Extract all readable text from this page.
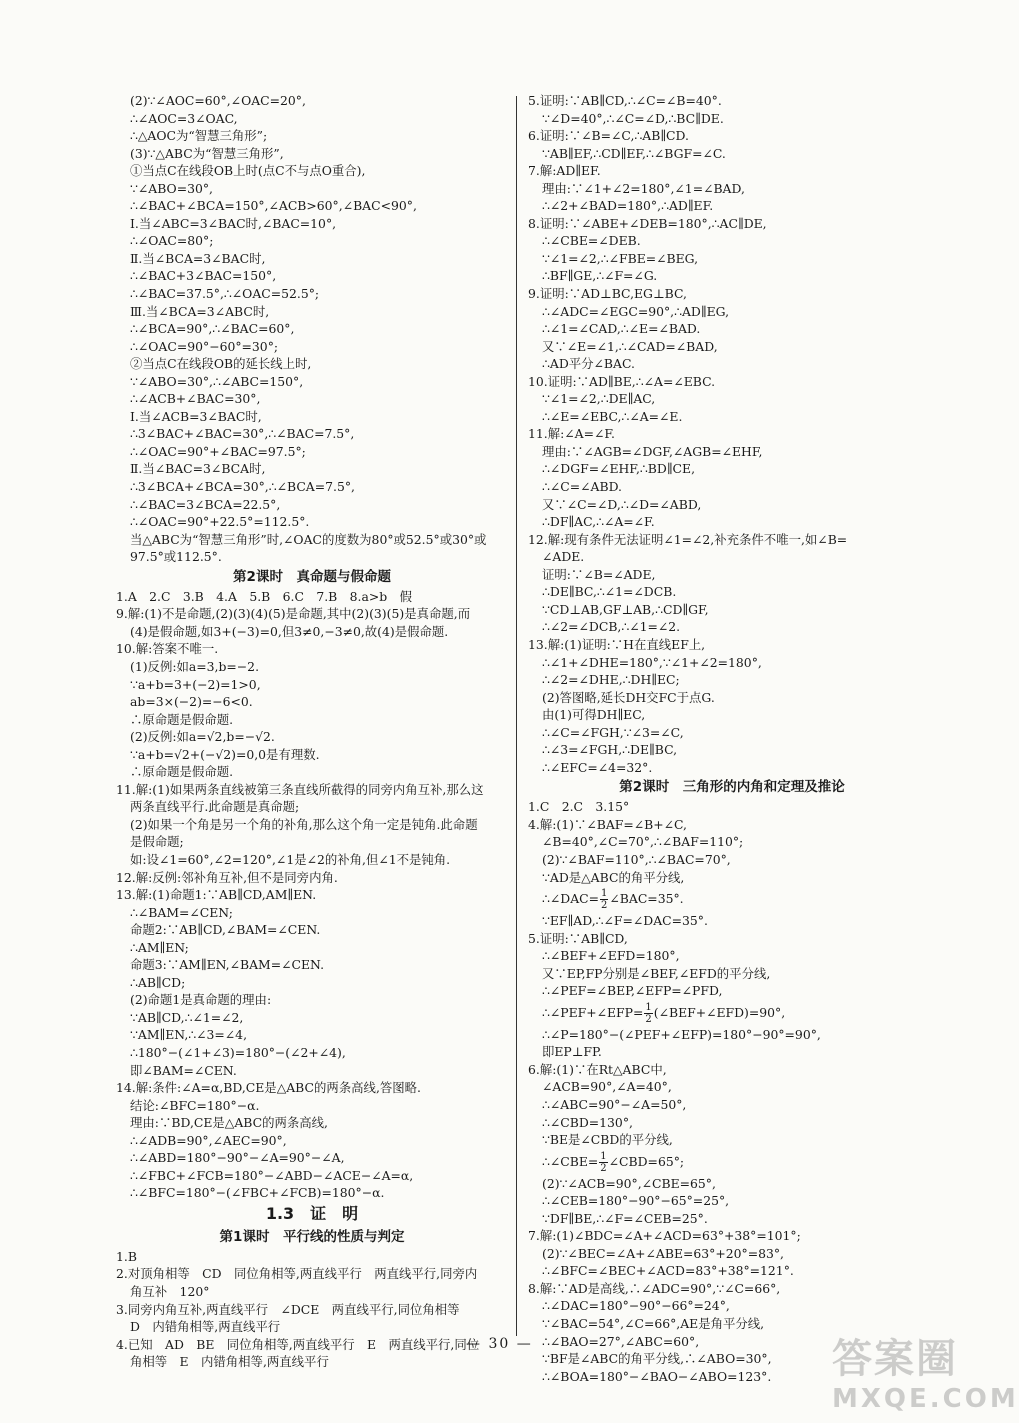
(2)∵∠AOC=60°,∠OAC=20°,
∴∠AOC=3∠OAC,
∴△AOC为“智慧三角形”;
(3)∵△ABC为“智慧三角形”,
①当点C在线段OB上时(点C不与点O重合),
∵∠ABO=30°,
∴∠BAC+∠BCA=150°,∠ACB>60°,∠BAC<90°,
Ⅰ.当∠ABC=3∠BAC时,∠BAC=10°,
∴∠OAC=80°;
Ⅱ.当∠BCA=3∠BAC时,
∴∠BAC+3∠BAC=150°,
∴∠BAC=37.5°,∴∠OAC=52.5°;
Ⅲ.当∠BCA=3∠ABC时,
∴∠BCA=90°,∴∠BAC=60°,
∴∠OAC=90°−60°=30°;
②当点C在线段OB的延长线上时,
∵∠ABO=30°,∴∠ABC=150°,
∴∠ACB+∠BAC=30°,
Ⅰ.当∠ACB=3∠BAC时,
∴3∠BAC+∠BAC=30°,∴∠BAC=7.5°,
∴∠OAC=90°+∠BAC=97.5°;
Ⅱ.当∠BAC=3∠BCA时,
∴3∠BCA+∠BCA=30°,∴∠BCA=7.5°,
∴∠BAC=3∠BCA=22.5°,
∴∠OAC=90°+22.5°=112.5°.
当△ABC为“智慧三角形”时,∠OAC的度数为80°或52.5°或30°或
97.5°或112.5°.
第2课时　真命题与假命题
1.A　2.C　3.B　4.A　5.B　6.C　7.B　8.a>b　假
9.解:(1)不是命题,(2)(3)(4)(5)是命题,其中(2)(3)(5)是真命题,而
(4)是假命题,如3+(−3)=0,但3≠0,−3≠0,故(4)是假命题.
10.解:答案不唯一.
(1)反例:如a=3,b=−2.
∵a+b=3+(−2)=1>0,
ab=3×(−2)=−6<0.
∴原命题是假命题.
(2)反例:如a=√2,b=−√2.
∵a+b=√2+(−√2)=0,0是有理数.
∴原命题是假命题.
11.解:(1)如果两条直线被第三条直线所截得的同旁内角互补,那么这
两条直线平行.此命题是真命题;
(2)如果一个角是另一个角的补角,那么这个角一定是钝角.此命题
是假命题;
如:设∠1=60°,∠2=120°,∠1是∠2的补角,但∠1不是钝角.
12.解:反例:邻补角互补,但不是同旁内角.
13.解:(1)命题1:∵AB∥CD,AM∥EN.
∴∠BAM=∠CEN;
命题2:∵AB∥CD,∠BAM=∠CEN.
∴AM∥EN;
命题3:∵AM∥EN,∠BAM=∠CEN.
∴AB∥CD;
(2)命题1是真命题的理由:
∵AB∥CD,∴∠1=∠2,
∵AM∥EN,∴∠3=∠4,
∴180°−(∠1+∠3)=180°−(∠2+∠4),
即∠BAM=∠CEN.
14.解:条件:∠A=α,BD,CE是△ABC的两条高线,答图略.
结论:∠BFC=180°−α.
理由:∵BD,CE是△ABC的两条高线,
∴∠ADB=90°,∠AEC=90°,
∴∠ABD=180°−90°−∠A=90°−∠A,
∴∠FBC+∠FCB=180°−∠ABD−∠ACE−∠A=α,
∴∠BFC=180°−(∠FBC+∠FCB)=180°−α.
1.3　证　明
第1课时　平行线的性质与判定
1.B
2.对顶角相等　CD　同位角相等,两直线平行　两直线平行,同旁内
角互补　120°
3.同旁内角互补,两直线平行　∠DCE　两直线平行,同位角相等
D　内错角相等,两直线平行
4.已知　AD　BE　同位角相等,两直线平行　E　两直线平行,同位
角相等　E　内错角相等,两直线平行
5.证明:∵AB∥CD,∴∠C=∠B=40°.
∵∠D=40°,∴∠C=∠D,∴BC∥DE.
6.证明:∵∠B=∠C,∴AB∥CD.
∵AB∥EF,∴CD∥EF,∴∠BGF=∠C.
7.解:AD∥EF.
理由:∵∠1+∠2=180°,∠1=∠BAD,
∴∠2+∠BAD=180°,∴AD∥EF.
8.证明:∵∠ABE+∠DEB=180°,∴AC∥DE,
∴∠CBE=∠DEB.
∵∠1=∠2,∴∠FBE=∠BEG,
∴BF∥GE,∴∠F=∠G.
9.证明:∵AD⊥BC,EG⊥BC,
∴∠ADC=∠EGC=90°,∴AD∥EG,
∴∠1=∠CAD,∴∠E=∠BAD.
又∵∠E=∠1,∴∠CAD=∠BAD,
∴AD平分∠BAC.
10.证明:∵AD∥BE,∴∠A=∠EBC.
∵∠1=∠2,∴DE∥AC,
∴∠E=∠EBC,∴∠A=∠E.
11.解:∠A=∠F.
理由:∵∠AGB=∠DGF,∠AGB=∠EHF,
∴∠DGF=∠EHF,∴BD∥CE,
∴∠C=∠ABD.
又∵∠C=∠D,∴∠D=∠ABD,
∴DF∥AC,∴∠A=∠F.
12.解:现有条件无法证明∠1=∠2,补充条件不唯一,如∠B=
∠ADE.
证明:∵∠B=∠ADE,
∴DE∥BC,∴∠1=∠DCB.
∵CD⊥AB,GF⊥AB,∴CD∥GF,
∴∠2=∠DCB,∴∠1=∠2.
13.解:(1)证明:∵H在直线EF上,
∴∠1+∠DHE=180°,∵∠1+∠2=180°,
∴∠2=∠DHE,∴DH∥EC;
(2)答图略,延长DH交FC于点G.
由(1)可得DH∥EC,
∴∠C=∠FGH,∵∠3=∠C,
∴∠3=∠FGH,∴DE∥BC,
∴∠EFC=∠4=32°.
第2课时　三角形的内角和定理及推论
1.C　2.C　3.15°
4.解:(1)∵∠BAF=∠B+∠C,
∠B=40°,∠C=70°,∴∠BAF=110°;
(2)∵∠BAF=110°,∴∠BAC=70°,
∵AD是△ABC的角平分线,
∴∠DAC= $\frac{1}{2}$ ∠BAC=35°.
∵EF∥AD,∴∠F=∠DAC=35°.
5.证明:∵AB∥CD,
∴∠BEF+∠EFD=180°,
又∵EP,FP分别是∠BEF,∠EFD的平分线,
∴∠PEF=∠BEP,∠EFP=∠PFD,
∴∠PEF+∠EFP= $\frac{1}{2}$ (∠BEF+∠EFD)=90°,
∴∠P=180°−(∠PEF+∠EFP)=180°−90°=90°,
即EP⊥FP.
6.解:(1)∵在Rt△ABC中,
∠ACB=90°,∠A=40°,
∴∠ABC=90°−∠A=50°,
∴∠CBD=130°,
∵BE是∠CBD的平分线,
∴∠CBE= $\frac{1}{2}$ ∠CBD=65°;
(2)∵∠ACB=90°,∠CBE=65°,
∴∠CEB=180°−90°−65°=25°,
∵DF∥BE,∴∠F=∠CEB=25°.
7.解:(1)∠BDC=∠A+∠ACD=63°+38°=101°;
(2)∵∠BEC=∠A+∠ABE=63°+20°=83°,
∴∠BFC=∠BEC+∠ACD=83°+38°=121°.
8.解:∵AD是高线,∴∠ADC=90°,∵∠C=66°,
∴∠DAC=180°−90°−66°=24°,
∵∠BAC=54°,∠C=66°,AE是角平分线,
∴∠BAO=27°,∠ABC=60°,
∵BF是∠ABC的角平分线,∴∠ABO=30°,
∴∠BOA=180°−∠BAO−∠ABO=123°.
— 30 —	答案圈
MXQE.COM
